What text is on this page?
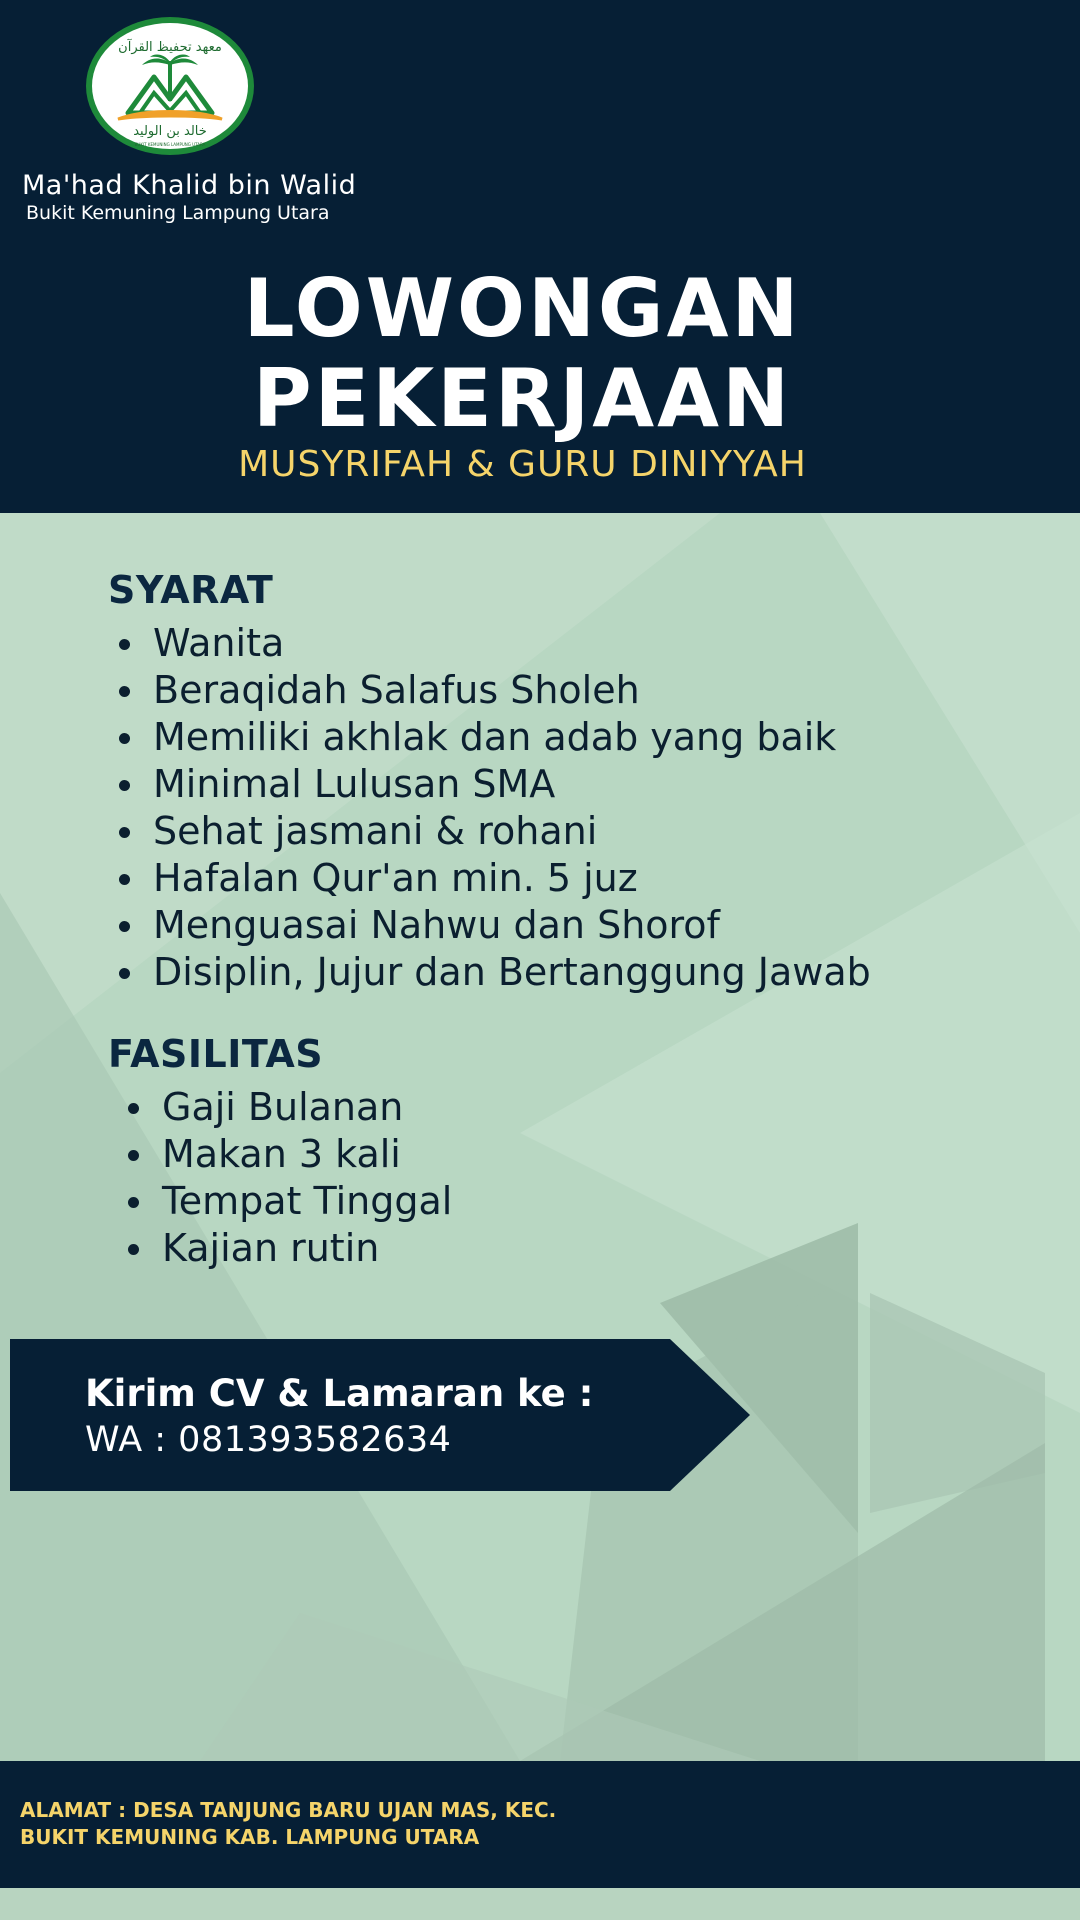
معهد تحفيظ القرآن
خالد بن الوليد
BUKIT KEMUNING LAMPUNG UTARA
Ma'had Khalid bin Walid
Bukit Kemuning Lampung Utara
LOWONGAN
PEKERJAAN
MUSYRIFAH & GURU DINIYYAH
SYARAT
Wanita
Beraqidah Salafus Sholeh
Memiliki akhlak dan adab yang baik
Minimal Lulusan SMA
Sehat jasmani & rohani
Hafalan Qur'an min. 5 juz
Menguasai Nahwu dan Shorof
Disiplin, Jujur dan Bertanggung Jawab
FASILITAS
Gaji Bulanan
Makan 3 kali
Tempat Tinggal
Kajian rutin
Kirim CV & Lamaran ke :
WA : 081393582634
ALAMAT : DESA TANJUNG BARU UJAN MAS, KEC.
BUKIT KEMUNING KAB. LAMPUNG UTARA
